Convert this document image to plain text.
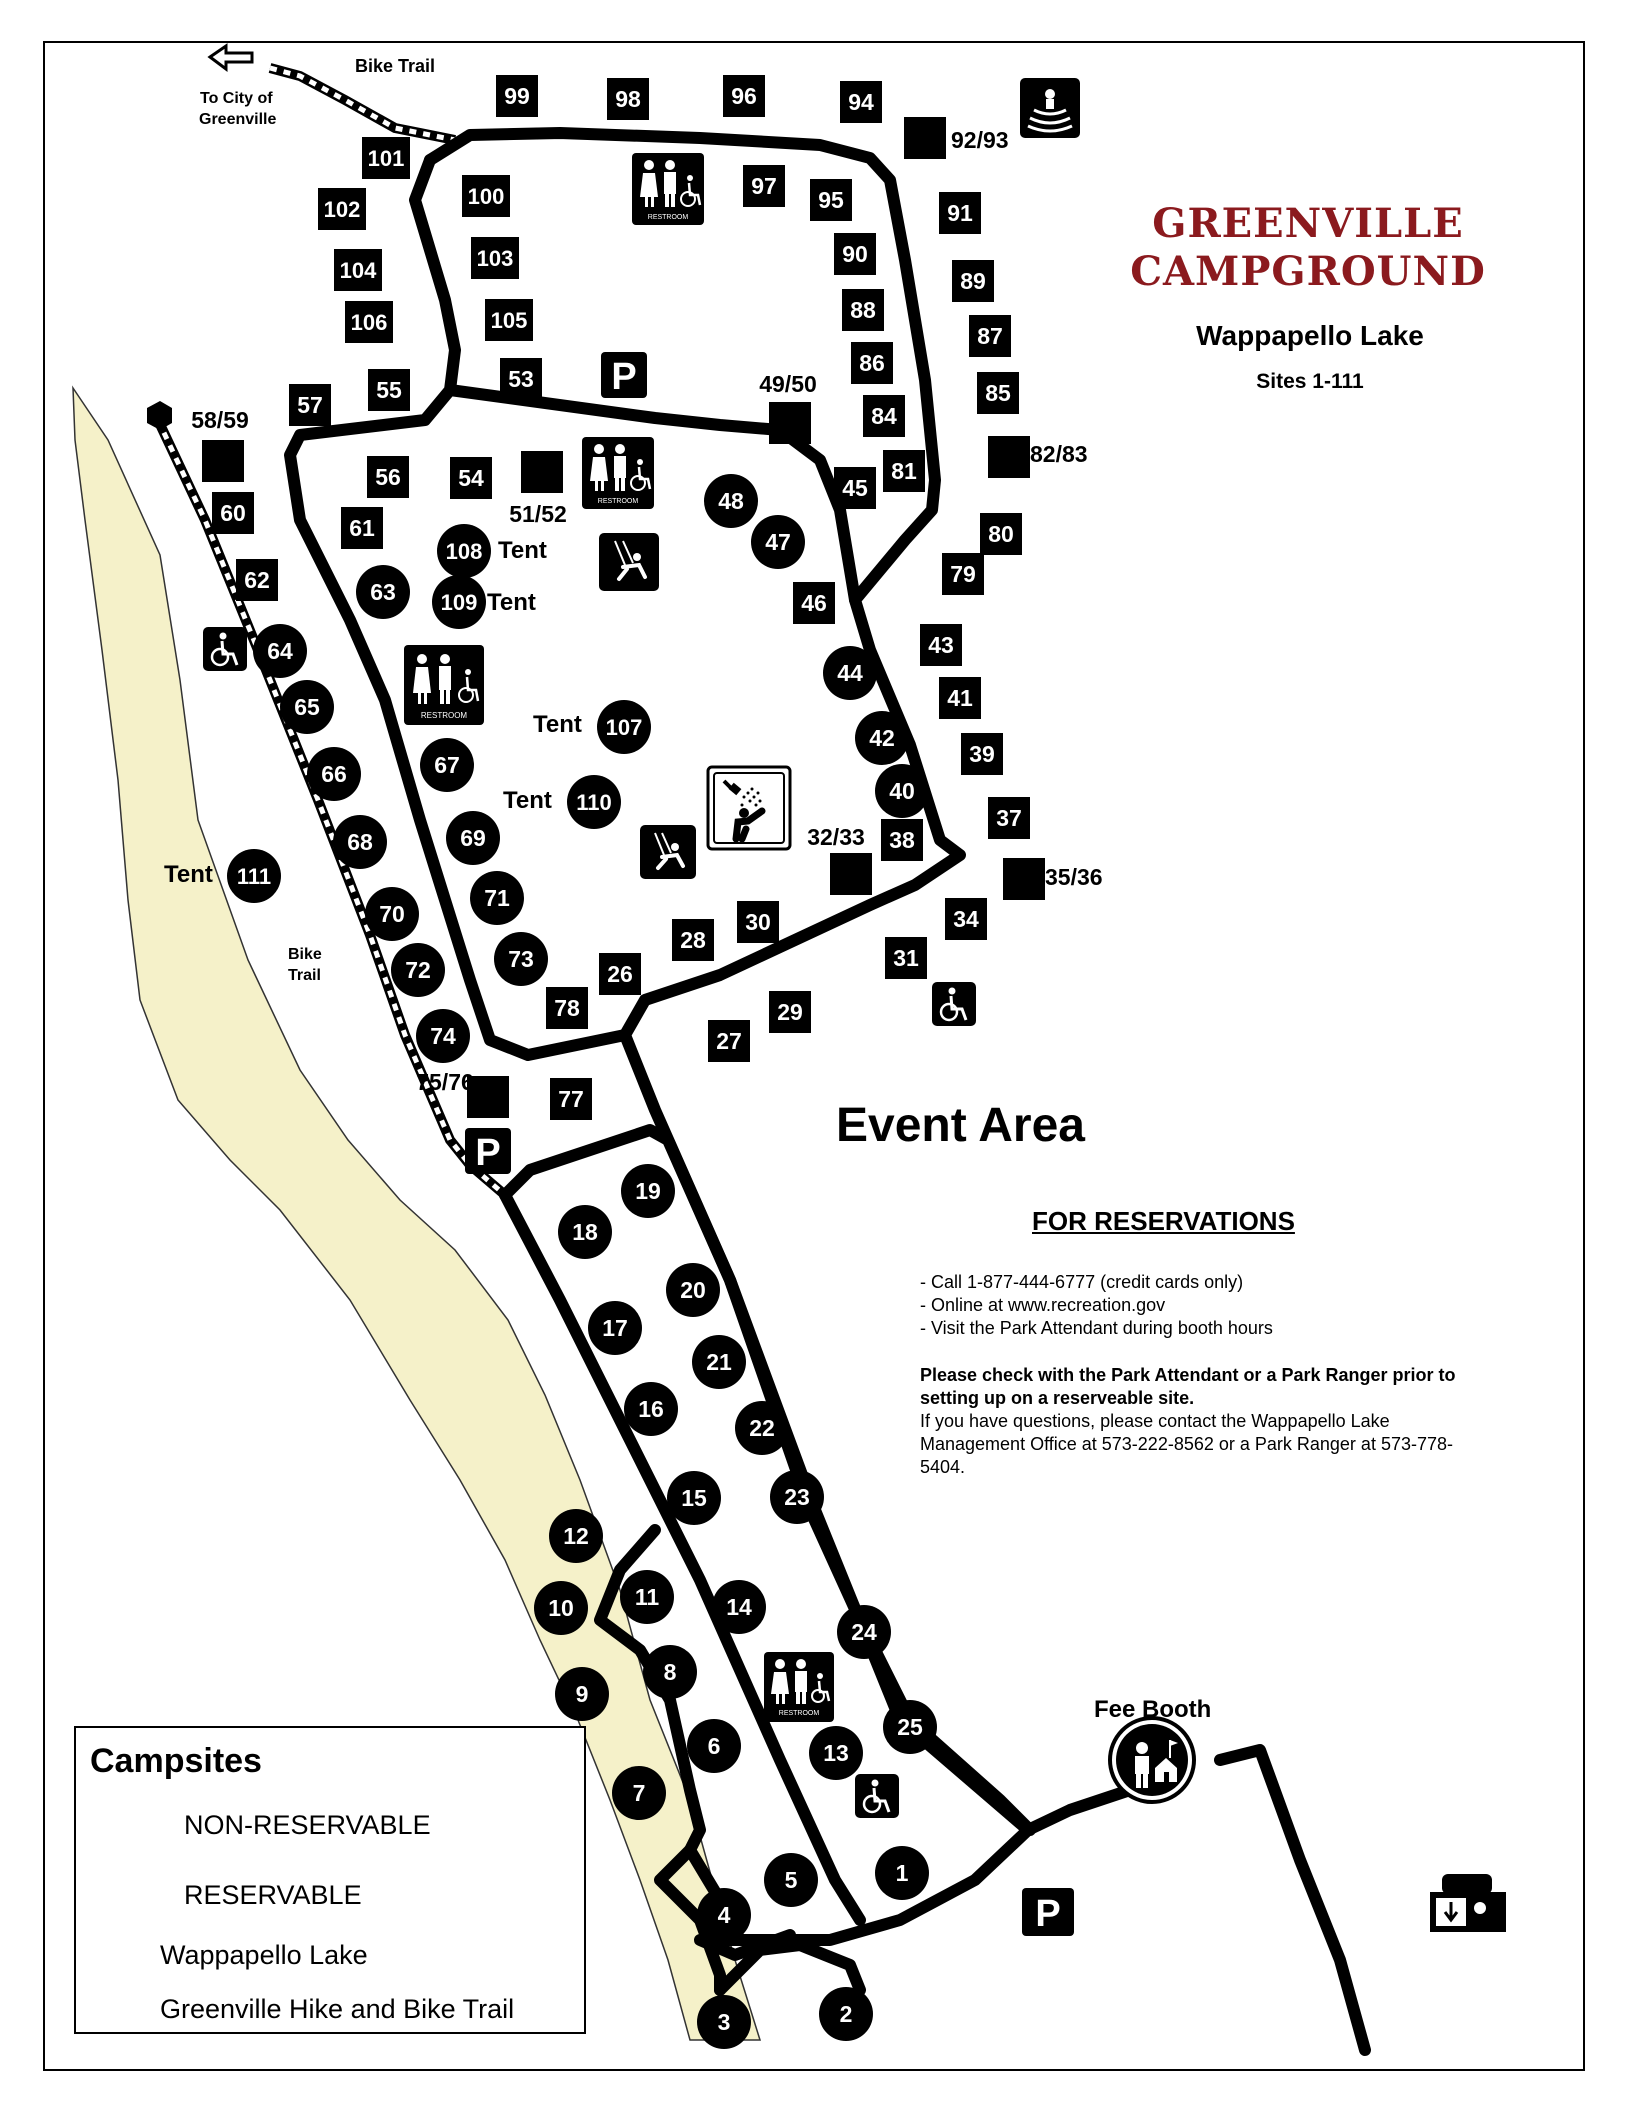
1
2
3
4
5
6
7
8
9
10	11
12
13
14
15
16
17
18
19
20
21
22
23
24
25
26
27
28
29
30
31
32/33
34
35/36
37
38
39
40
41
42
43
44
45
46
47
48
49/50
51/52
53
54
55
56
57
58/59
60
61
62	63
64
65
66	67
68	69
70
71
72	73
74
75/76
77
78
79
80
81
82/83
84
85
86
87
88
89
90
91
92/93
94
95
96
97
98
99
100
101
102
103
104
105
106
107
Tent
108 Tent
109 Tent
110
Tent
111
Tent
P
P
P
RESTROOM
RESTROOM
RESTROOM
RESTROOM
GREENVILLE
CAMPGROUND
Wappapello Lake
Sites 1-111
Bike Trail
To City of
Greenville
Bike
Trail
Event Area
Fee Booth
FOR RESERVATIONS
- Call 1-877-444-6777 (credit cards only)
- Online at www.recreation.gov
- Visit the Park Attendant during booth hours
Please check with the Park Attendant or a Park Ranger prior to setting up on a reserveable site.
If you have questions, please contact the Wappapello Lake Management Office at 573-222-8562 or a Park Ranger at 573-778-5404.
Campsites
NON-RESERVABLE
RESERVABLE
Wappapello Lake
Greenville Hike and Bike Trail
